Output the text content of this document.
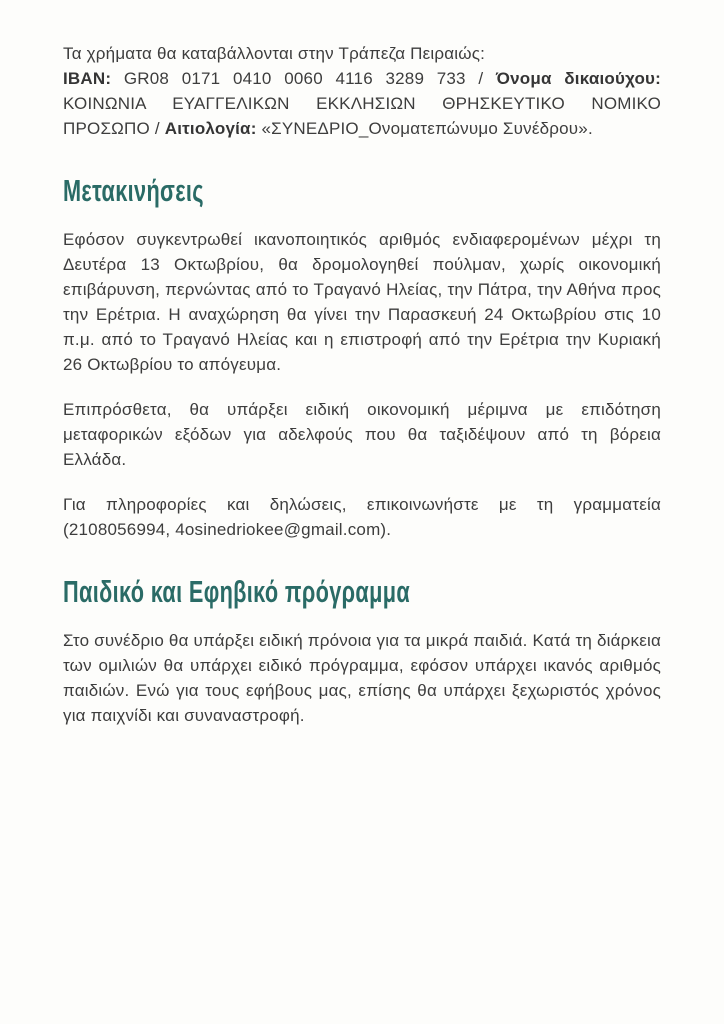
Τα χρήματα θα καταβάλλονται στην Τράπεζα Πειραιώς:
IBAN: GR08 0171 0410 0060 4116 3289 733 / Όνομα δικαιούχου: ΚΟΙΝΩΝΙΑ ΕΥΑΓΓΕΛΙΚΩΝ ΕΚΚΛΗΣΙΩΝ ΘΡΗΣΚΕΥΤΙΚΟ ΝΟΜΙΚΟ ΠΡΟΣΩΠΟ / Αιτιολογία: «ΣΥΝΕΔΡΙΟ_Ονοματεπώνυμο Συνέδρου».

Μετακινήσεις

Εφόσον συγκεντρωθεί ικανοποιητικός αριθμός ενδιαφερομένων μέχρι τη Δευτέρα 13 Οκτωβρίου, θα δρομολογηθεί πούλμαν, χωρίς οικονομική επιβάρυνση, περνώντας από το Τραγανό Ηλείας, την Πάτρα, την Αθήνα προς την Ερέτρια. Η αναχώρηση θα γίνει την Παρασκευή 24 Οκτωβρίου στις 10 π.μ. από το Τραγανό Ηλείας και η επιστροφή από την Ερέτρια την Κυριακή 26 Οκτωβρίου το απόγευμα.

Επιπρόσθετα, θα υπάρξει ειδική οικονομική μέριμνα με επιδότηση μεταφορικών εξόδων για αδελφούς που θα ταξιδέψουν από τη βόρεια Ελλάδα.

Για πληροφορίες και δηλώσεις, επικοινωνήστε με τη γραμματεία (2108056994, 4osinedriokee@gmail.com).

Παιδικό και Εφηβικό πρόγραμμα

Στο συνέδριο θα υπάρξει ειδική πρόνοια για τα μικρά παιδιά. Κατά τη διάρκεια των ομιλιών θα υπάρχει ειδικό πρόγραμμα, εφόσον υπάρχει ικανός αριθμός παιδιών. Ενώ για τους εφήβους μας, επίσης θα υπάρχει ξεχωριστός χρόνος για παιχνίδι και συναναστροφή.
